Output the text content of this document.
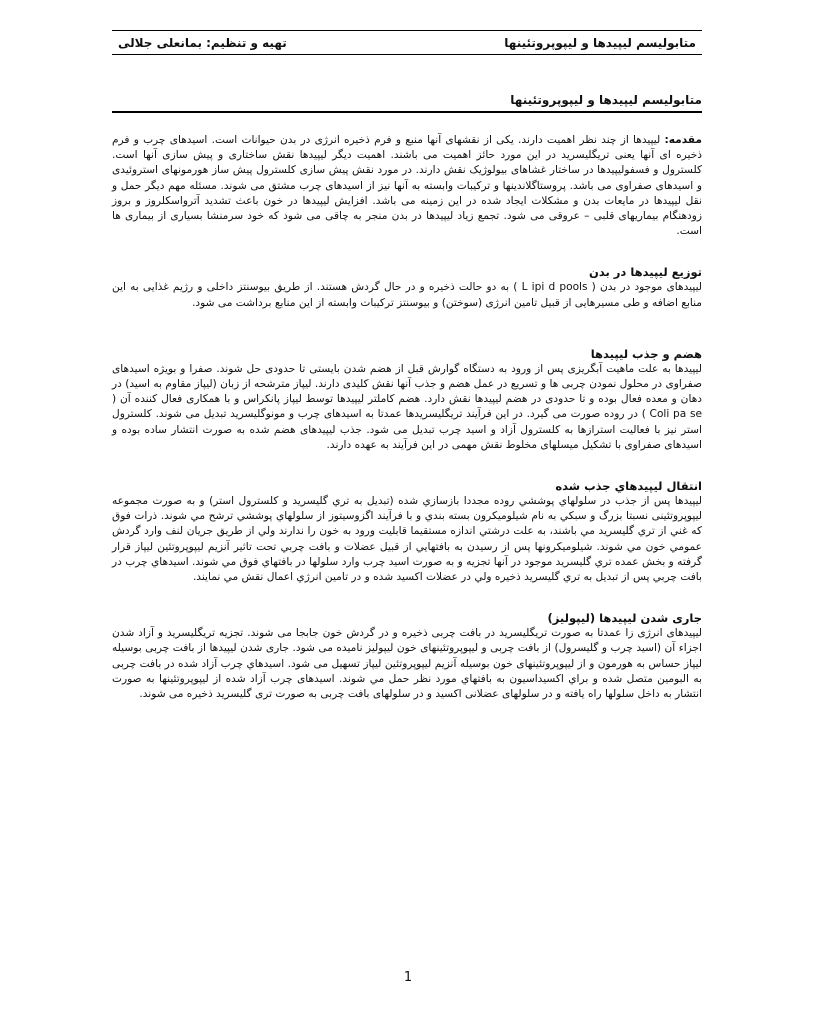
متابولیسم لیپیدها و لیپوپروتئینها
تهیه و تنظیم: بمانعلی جلالی
متابولیسم لیپیدها و لیپوپروتئینها

مقدمه: لیپیدها از چند نظر اهمیت دارند. یکی از نقشهای آنها منبع و فرم ذخیره انرژی در بدن حیوانات است. اسیدهای چرب و فرم ذخیره ای آنها یعنی تریگلیسرید در این مورد حائز اهمیت می باشند. اهمیت دیگر لیپیدها نقش ساختاری و پیش سازی آنها است. کلسترول و فسفولیپیدها در ساختار غشاهای بیولوژیک نقش دارند. در مورد نقش پیش سازی کلسترول پیش ساز هورمونهای استروئیدی و اسیدهای صفراوی می باشد. پروستاگلاندینها و ترکیبات وابسته به آنها نیز از اسیدهای چرب مشتق می شوند. مسئله مهم دیگر حمل و نقل لیپیدها در مایعات بدن و مشکلات ایجاد شده در این زمینه می باشد. افزایش لیپیدها در خون باعث تشدید آترواسکلروز و بروز زودهنگام بیماریهای قلبی – عروقی می شود. تجمع زیاد لیپیدها در بدن منجر به چاقی می شود که خود سرمنشا بسیاری از بیماری ها است.

توزیع لیپیدها در بدن

لیپیدهای موجود در بدن ( L ipi d pools ) به دو حالت ذخیره و در حال گردش هستند. از طریق بیوسنتز داخلی و رژیم غذایی به این منابع اضافه و طی مسیرهایی از قبیل تامین انرژی (سوختن) و بیوسنتز ترکیبات وابسته از این منابع برداشت می شود.

هضم و جذب لیپیدها

لیپیدها به علت ماهیت آبگریزی پس از ورود به دستگاه گوارش قبل از هضم شدن بایستی تا حدودی حل شوند. صفرا و بویژه اسیدهای صفراوی در محلول نمودن چربی ها و تسریع در عمل هضم و جذب آنها نقش کلیدی دارند. لیپاز مترشحه از زبان (لیپاز مقاوم به اسید) در دهان و معده فعال بوده و تا حدودی در هضم لیپیدها نقش دارد. هضم کاملتر لیپیدها توسط لیپاز پانکراس و با همکاری فعال کننده آن ( Coli pa se ) در روده صورت می گیرد. در این فرآیند تریگلیسریدها عمدتا به اسیدهای چرب و مونوگلیسرید تبدیل می شوند. کلسترول استر نیز با فعالیت استرازها به کلسترول آزاد و اسید چرب تبدیل می شود. جذب لیپیدهای هضم شده به صورت انتشار ساده بوده و اسیدهای صفراوی با تشکیل میسلهای مخلوط نقش مهمی در این فرآیند به عهده دارند.

انتقال ليپيدهاي جذب شده

لیپیدها پس از جذب در سلولهاي پوششي روده مجددا بازسازي شده (تبدیل به تري گلیسرید و كلسترول استر) و به صورت مجموعه لیپوپروتئینی نسبتا بزرگ و سبكي به نام شیلومیكرون بسته بندي و با فرآیند اگزوسیتوز از سلولهاي پوششي ترشح مي شوند. ذرات فوق كه غني از تري گليسريد مي باشند، به علت درشتي اندازه مستقيما قابليت ورود به خون را ندارند ولي از طريق جريان لنف وارد گردش عمومي خون مي شوند. شيلوميكرونها پس از رسيدن به بافتهايي از قبيل عضلات و بافت چربي تحت تاثير آنزيم ليپوپروتئين ليپاز قرار گرفته و بخش عمده تري گليسريد موجود در آنها تجزيه و به صورت اسيد چرب وارد سلولها در بافتهاي فوق مي شوند. اسيدهاي چرب در بافت چربي پس از تبديل به تري گليسريد ذخيره ولي در عضلات اكسيد شده و در تامين انرژي اعمال نقش مي نمايند.

جاری شدن لیپیدها (لیپولیز)

لیپیدهای انرژی زا عمدتا به صورت تریگلیسرید در بافت چربی ذخیره و در گردش خون جابجا می شوند. تجزیه تریگلیسرید و آزاد شدن اجزاء آن (اسید چرب و گلیسرول) از بافت چربی و لیپوپروتئینهای خون لیپولیز نامیده می شود. جاری شدن لیپیدها از بافت چربی بوسیله لیپاز حساس به هورمون و از لیپوپروتئینهای خون بوسیله آنزیم لیپوپروتئین لیپاز تسهیل می شود. اسیدهاي چرب آزاد شده در بافت چربی به البومین متصل شده و براي اکسیداسیون به بافتهاي مورد نظر حمل مي شوند. اسیدهای چرب آزاد شده از لیپوپروتئینها به صورت انتشار به داخل سلولها راه یافته و در سلولهای عضلانی اکسید و در سلولهای بافت چربی به صورت تری گلیسرید ذخیره می شوند.

1
